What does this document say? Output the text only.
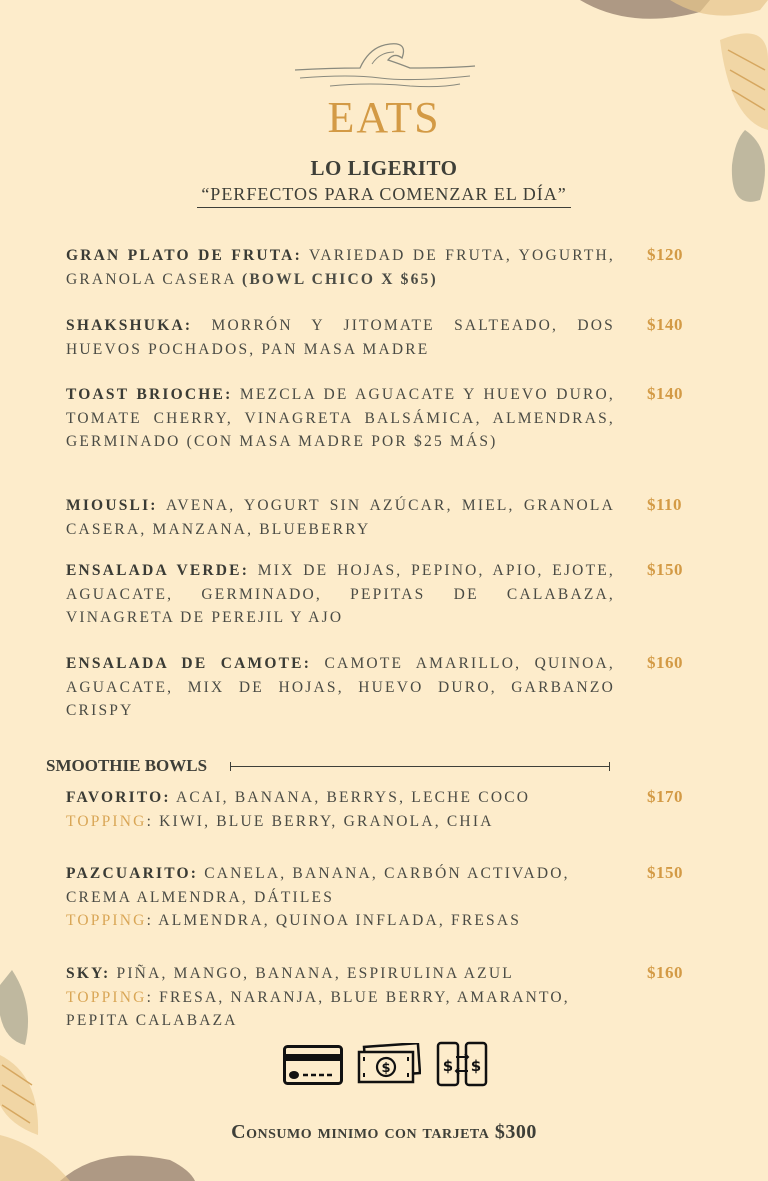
EATS
LO LIGERITO
“PERFECTOS PARA COMENZAR EL DÍA”
GRAN PLATO DE FRUTA: VARIEDAD DE FRUTA, YOGURTH, GRANOLA CASERA (BOWL CHICO X $65)
$120
SHAKSHUKA: MORRÓN Y JITOMATE SALTEADO, DOS HUEVOS POCHADOS, PAN MASA MADRE
$140
TOAST BRIOCHE: MEZCLA DE AGUACATE Y HUEVO DURO, TOMATE CHERRY, VINAGRETA BALSÁMICA, ALMENDRAS, GERMINADO (CON MASA MADRE POR $25 MÁS)
$140
MIOUSLI: AVENA, YOGURT SIN AZÚCAR, MIEL, GRANOLA CASERA, MANZANA, BLUEBERRY
$110
ENSALADA VERDE: MIX DE HOJAS, PEPINO, APIO, EJOTE, AGUACATE, GERMINADO, PEPITAS DE CALABAZA, VINAGRETA DE PEREJIL Y AJO
$150
ENSALADA DE CAMOTE: CAMOTE AMARILLO, QUINOA, AGUACATE, MIX DE HOJAS, HUEVO DURO, GARBANZO CRISPY
$160
SMOOTHIE BOWLS
FAVORITO: ACAI, BANANA, BERRYS, LECHE COCO
TOPPING: KIWI, BLUE BERRY, GRANOLA, CHIA
$170
PAZCUARITO: CANELA, BANANA, CARBÓN ACTIVADO, CREMA ALMENDRA, DÁTILES
TOPPING: ALMENDRA, QUINOA INFLADA, FRESAS
$150
SKY: PIÑA, MANGO, BANANA, ESPIRULINA AZUL
TOPPING: FRESA, NARANJA, BLUE BERRY, AMARANTO, PEPITA CALABAZA
$160
$	$ $
Consumo minimo con tarjeta $300
